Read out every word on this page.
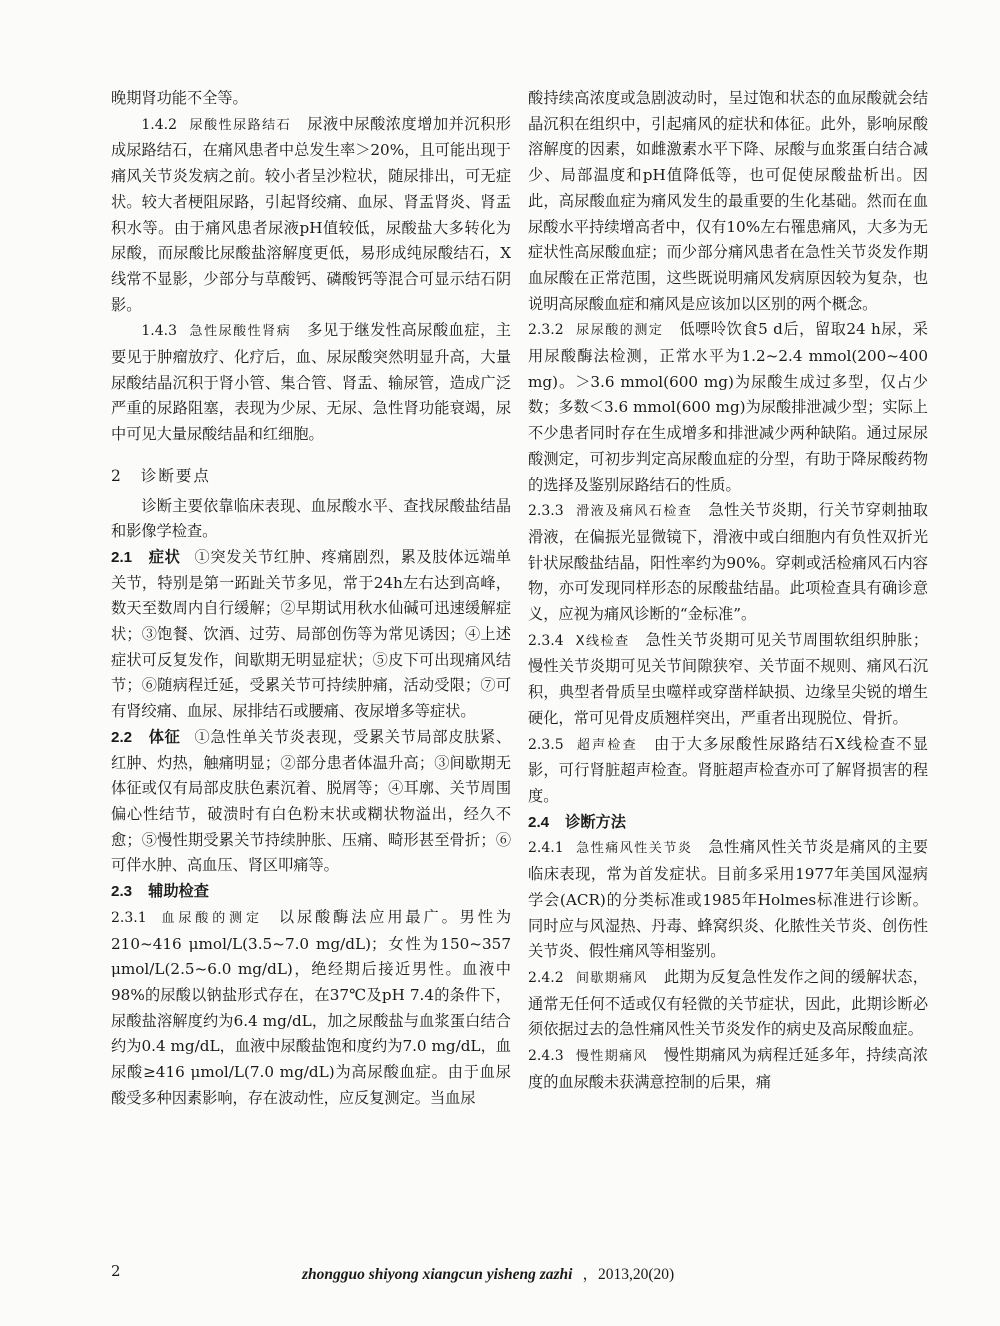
晚期肾功能不全等。

1.4.2 尿酸性尿路结石 尿液中尿酸浓度增加并沉积形成尿路结石，在痛风患者中总发生率＞20%，且可能出现于痛风关节炎发病之前。较小者呈沙粒状，随尿排出，可无症状。较大者梗阻尿路，引起肾绞痛、血尿、肾盂肾炎、肾盂积水等。由于痛风患者尿液pH值较低，尿酸盐大多转化为尿酸，而尿酸比尿酸盐溶解度更低，易形成纯尿酸结石，X线常不显影，少部分与草酸钙、磷酸钙等混合可显示结石阴影。

1.4.3 急性尿酸性肾病 多见于继发性高尿酸血症，主要见于肿瘤放疗、化疗后，血、尿尿酸突然明显升高，大量尿酸结晶沉积于肾小管、集合管、肾盂、输尿管，造成广泛严重的尿路阻塞，表现为少尿、无尿、急性肾功能衰竭，尿中可见大量尿酸结晶和红细胞。

2 诊断要点

诊断主要依靠临床表现、血尿酸水平、查找尿酸盐结晶和影像学检查。

2.1 症状 ①突发关节红肿、疼痛剧烈，累及肢体远端单关节，特别是第一跖趾关节多见，常于24h左右达到高峰，数天至数周内自行缓解；②早期试用秋水仙碱可迅速缓解症状；③饱餐、饮酒、过劳、局部创伤等为常见诱因；④上述症状可反复发作，间歇期无明显症状；⑤皮下可出现痛风结节；⑥随病程迁延，受累关节可持续肿痛，活动受限；⑦可有肾绞痛、血尿、尿排结石或腰痛、夜尿增多等症状。

2.2 体征 ①急性单关节炎表现，受累关节局部皮肤紧、红肿、灼热，触痛明显；②部分患者体温升高；③间歇期无体征或仅有局部皮肤色素沉着、脱屑等；④耳廓、关节周围偏心性结节，破溃时有白色粉末状或糊状物溢出，经久不愈；⑤慢性期受累关节持续肿胀、压痛、畸形甚至骨折；⑥可伴水肿、高血压、肾区叩痛等。

2.3 辅助检查

2.3.1 血尿酸的测定 以尿酸酶法应用最广。男性为210~416 μmol/L(3.5~7.0 mg/dL)；女性为150~357 μmol/L(2.5~6.0 mg/dL)，绝经期后接近男性。血液中98%的尿酸以钠盐形式存在，在37℃及pH 7.4的条件下，尿酸盐溶解度约为6.4 mg/dL，加之尿酸盐与血浆蛋白结合约为0.4 mg/dL，血液中尿酸盐饱和度约为7.0 mg/dL，血尿酸≥416 μmol/L(7.0 mg/dL)为高尿酸血症。由于血尿酸受多种因素影响，存在波动性，应反复测定。当血尿

酸持续高浓度或急剧波动时，呈过饱和状态的血尿酸就会结晶沉积在组织中，引起痛风的症状和体征。此外，影响尿酸溶解度的因素，如雌激素水平下降、尿酸与血浆蛋白结合减少、局部温度和pH值降低等，也可促使尿酸盐析出。因此，高尿酸血症为痛风发生的最重要的生化基础。然而在血尿酸水平持续增高者中，仅有10%左右罹患痛风，大多为无症状性高尿酸血症；而少部分痛风患者在急性关节炎发作期血尿酸在正常范围，这些既说明痛风发病原因较为复杂，也说明高尿酸血症和痛风是应该加以区别的两个概念。

2.3.2 尿尿酸的测定 低嘌呤饮食5 d后，留取24 h尿，采用尿酸酶法检测，正常水平为1.2~2.4 mmol(200~400 mg)。＞3.6 mmol(600 mg)为尿酸生成过多型，仅占少数；多数＜3.6 mmol(600 mg)为尿酸排泄减少型；实际上不少患者同时存在生成增多和排泄减少两种缺陷。通过尿尿酸测定，可初步判定高尿酸血症的分型，有助于降尿酸药物的选择及鉴别尿路结石的性质。

2.3.3 滑液及痛风石检查 急性关节炎期，行关节穿刺抽取滑液，在偏振光显微镜下，滑液中或白细胞内有负性双折光针状尿酸盐结晶，阳性率约为90%。穿刺或活检痛风石内容物，亦可发现同样形态的尿酸盐结晶。此项检查具有确诊意义，应视为痛风诊断的“金标准”。

2.3.4 X线检查 急性关节炎期可见关节周围软组织肿胀；慢性关节炎期可见关节间隙狭窄、关节面不规则、痛风石沉积，典型者骨质呈虫噬样或穿凿样缺损、边缘呈尖锐的增生硬化，常可见骨皮质翘样突出，严重者出现脱位、骨折。

2.3.5 超声检查 由于大多尿酸性尿路结石X线检查不显影，可行肾脏超声检查。肾脏超声检查亦可了解肾损害的程度。

2.4 诊断方法

2.4.1 急性痛风性关节炎 急性痛风性关节炎是痛风的主要临床表现，常为首发症状。目前多采用1977年美国风湿病学会(ACR)的分类标准或1985年Holmes标准进行诊断。同时应与风湿热、丹毒、蜂窝织炎、化脓性关节炎、创伤性关节炎、假性痛风等相鉴别。

2.4.2 间歇期痛风 此期为反复急性发作之间的缓解状态，通常无任何不适或仅有轻微的关节症状，因此，此期诊断必须依据过去的急性痛风性关节炎发作的病史及高尿酸血症。

2.4.3 慢性期痛风 慢性期痛风为病程迁延多年，持续高浓度的血尿酸未获满意控制的后果，痛

2	zhongguo shiyong xiangcun yisheng zazhi ，2013,20(20)
